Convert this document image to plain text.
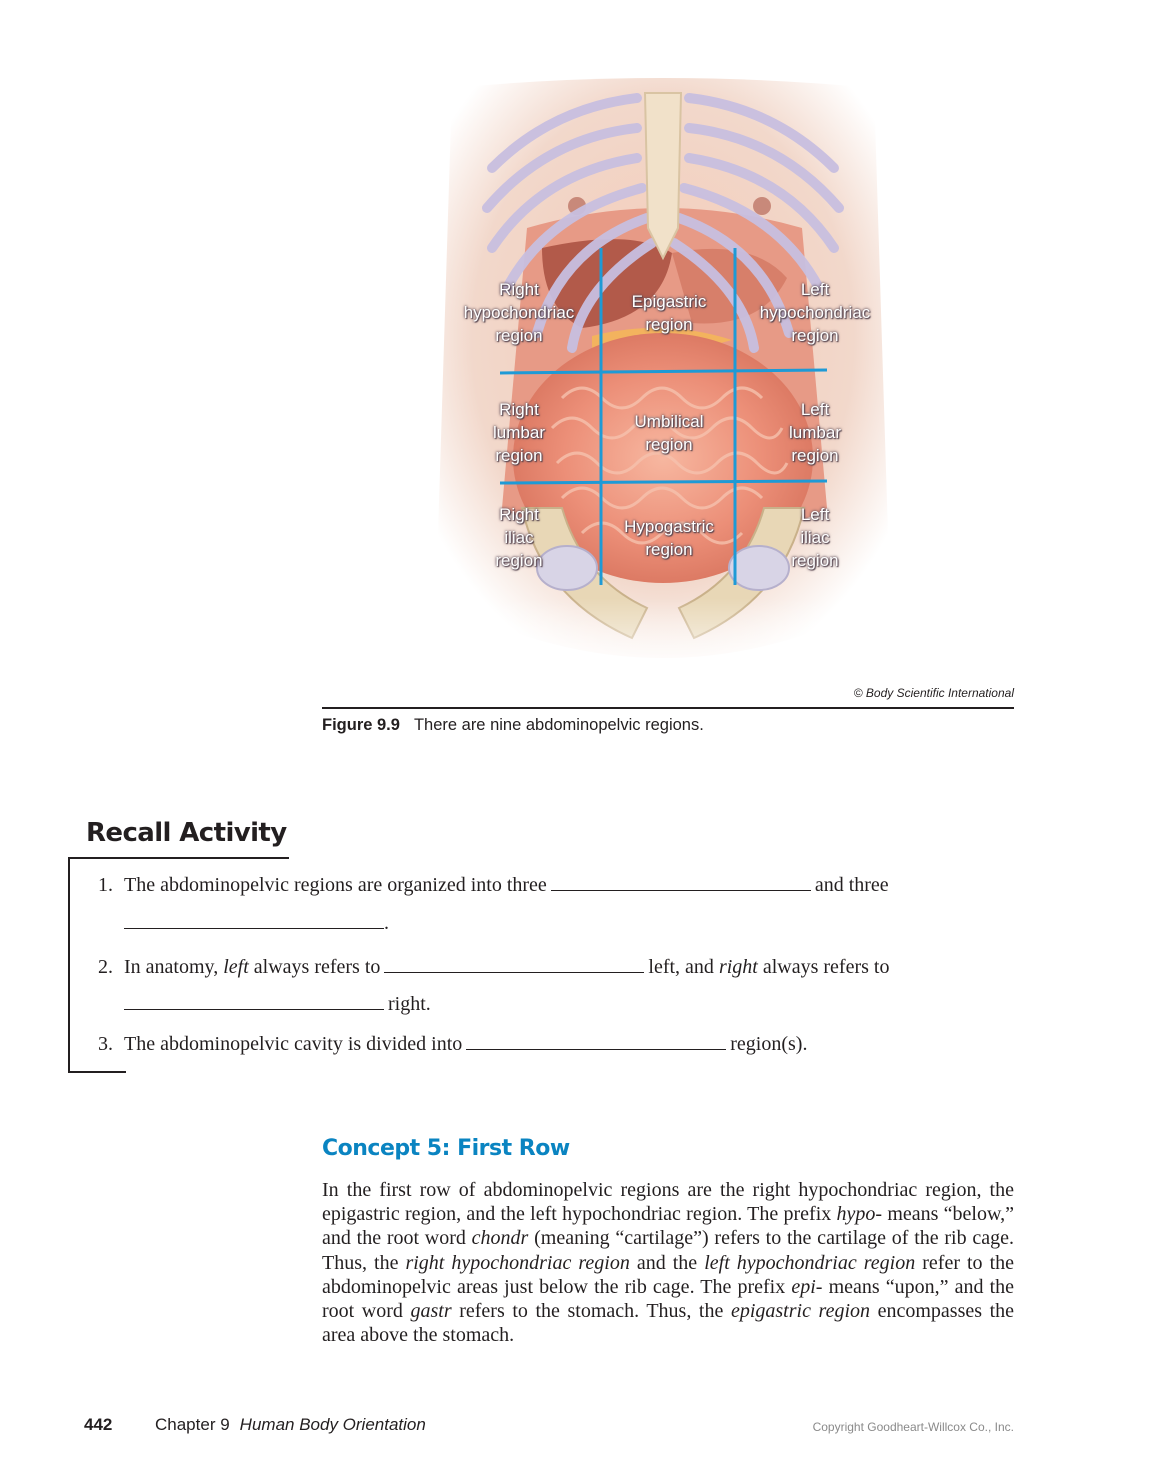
Right
hypochondriac
region
Epigastric
region
Left
hypochondriac
region
Right
lumbar
region
Umbilical
region
Left
lumbar
region
Right
iliac
region
Hypogastric
region
Left
iliac
region
© Body Scientific International
Figure 9.9 There are nine abdominopelvic regions.
Recall Activity
1. The abdominopelvic regions are organized into three	and three
.
2. In anatomy, left always refers to	left, and right always refers to
right.
3. The abdominopelvic cavity is divided into	region(s).
Concept 5: First Row
In the first row of abdominopelvic regions are the right hypochondriac region, the epigastric region, and the left hypochondriac region. The prefix hypo- means “below,” and the root word chondr (meaning “cartilage”) refers to the cartilage of the rib cage. Thus, the right hypochondriac region and the left hypochondriac region refer to the abdominopelvic areas just below the rib cage. The prefix epi- means “upon,” and the root word gastr refers to the stomach. Thus, the epigastric region encompasses the area above the stomach.
442	Chapter 9 Human Body Orientation	Copyright Goodheart-Willcox Co., Inc.
